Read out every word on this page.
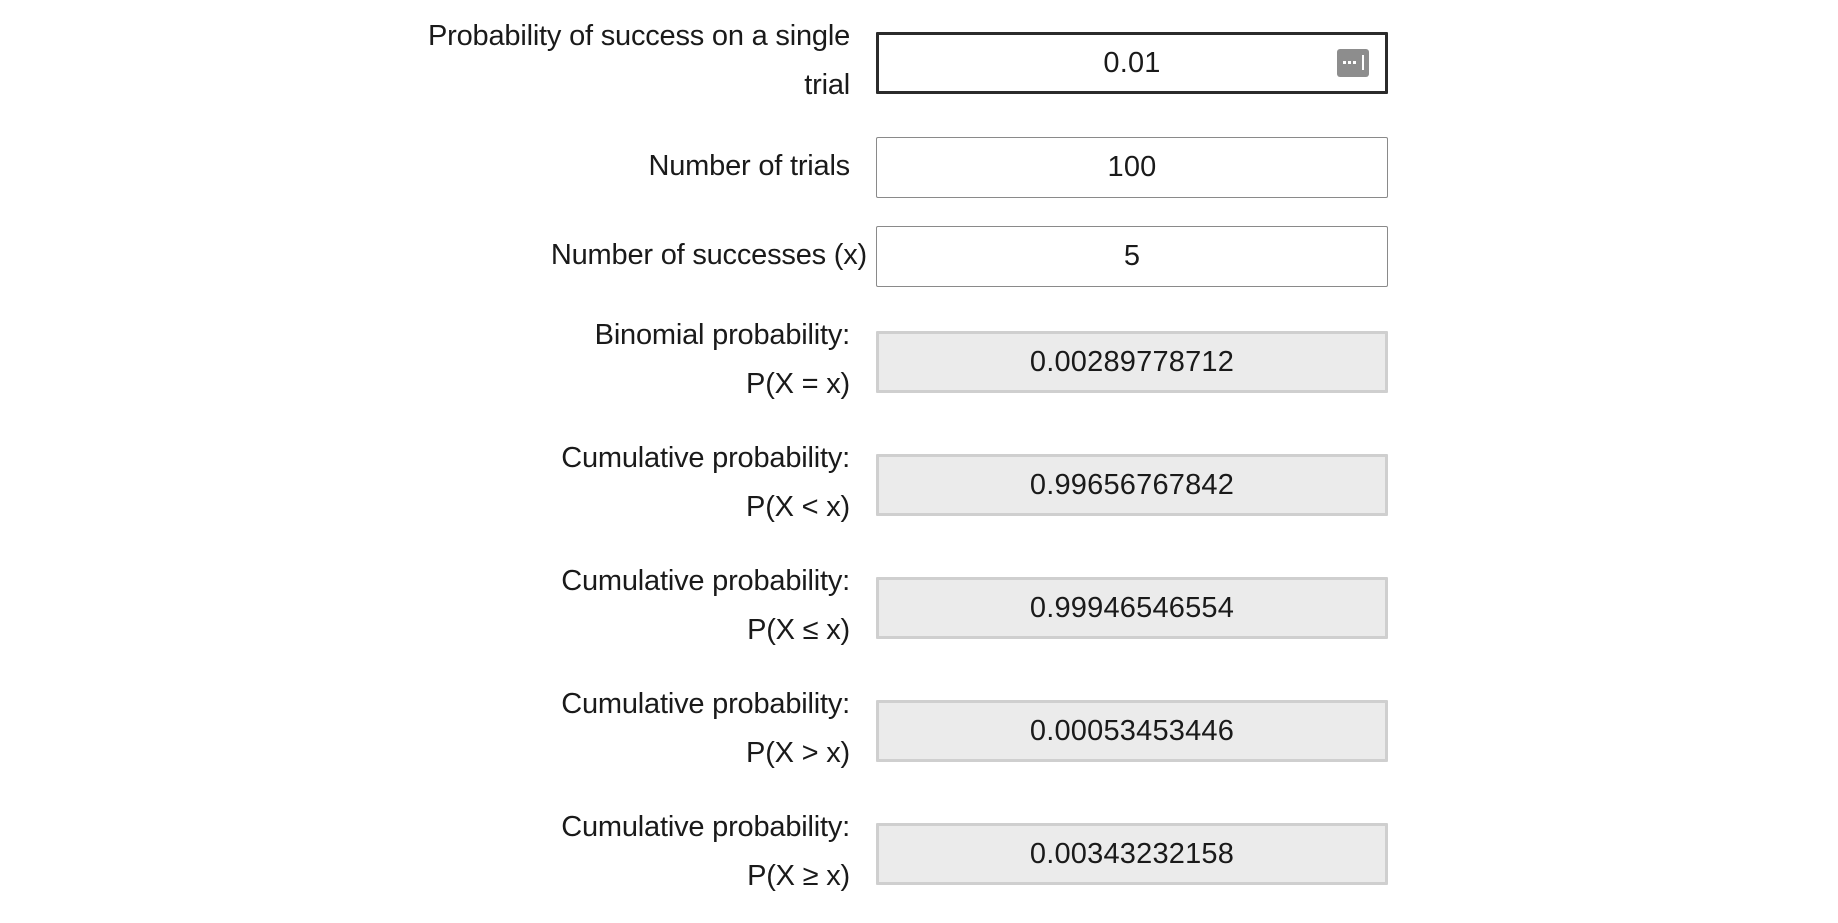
Probability of success on a single
trial
0.01
Number of trials	100
Number of successes (x)	5
Binomial probability:
P(X = x)
0.00289778712
Cumulative probability:
P(X < x)
0.99656767842
Cumulative probability:
P(X ≤ x)
0.99946546554
Cumulative probability:
P(X > x)
0.00053453446
Cumulative probability:
P(X ≥ x)
0.00343232158
